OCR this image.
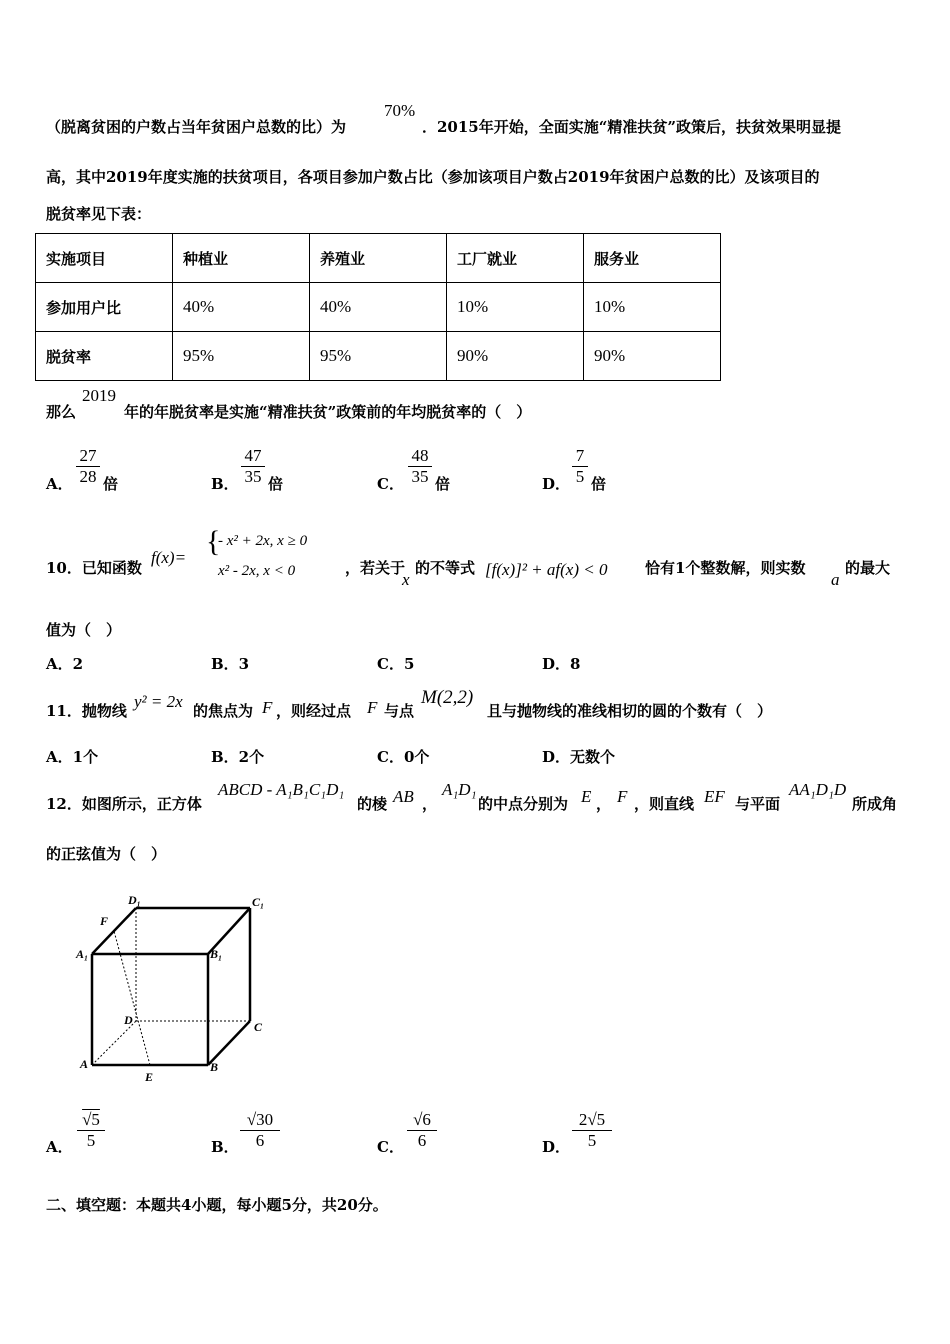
（脱离贫困的户数占当年贫困户总数的比）为
70%
．2015年开始，全面实施“精准扶贫”政策后，扶贫效果明显提
高，其中2019年度实施的扶贫项目，各项目参加户数占比（参加该项目户数占2019年贫困户总数的比）及该项目的
脱贫率见下表：
实施项目	种植业	养殖业	工厂就业	服务业
参加用户比	40%	40%	10%	10%
脱贫率	95%	95%	90%	90%
那么
2019
年的年脱贫率是实施“精准扶贫”政策前的年均脱贫率的（　）
A．
27
28 倍	B．
47
35 倍	C．
48
35 倍	D．
7
5 倍
10．已知函数
f(x)= {
- x² + 2x, x ≥ 0
x² - 2x, x < 0	，若关于
x
的不等式 [f(x)]² + af(x) < 0	恰有1个整数解，则实数
a
的最大
值为（　）
A．2	B．3	C．5	D．8
11．抛物线 y² = 2x 的焦点为 F ，则经过点 F 与点
M(2,2)
且与抛物线的准线相切的圆的个数有（　）
A．1个	B．2个	C．0个	D．无数个
12．如图所示，正方体
ABCD - A₁B₁C₁D₁
的棱 AB ，
A₁D₁
的中点分别为 E ， F ，则直线 EF 与平面
AA₁D₁D
所成角
的正弦值为（　）
D₁	C₁
F
A₁	B₁
D	C
A	B
E
A．
√5
5	B．
√30
6	C．
√6
6	D．
2√5
5
二、填空题：本题共4小题，每小题5分，共20分。
